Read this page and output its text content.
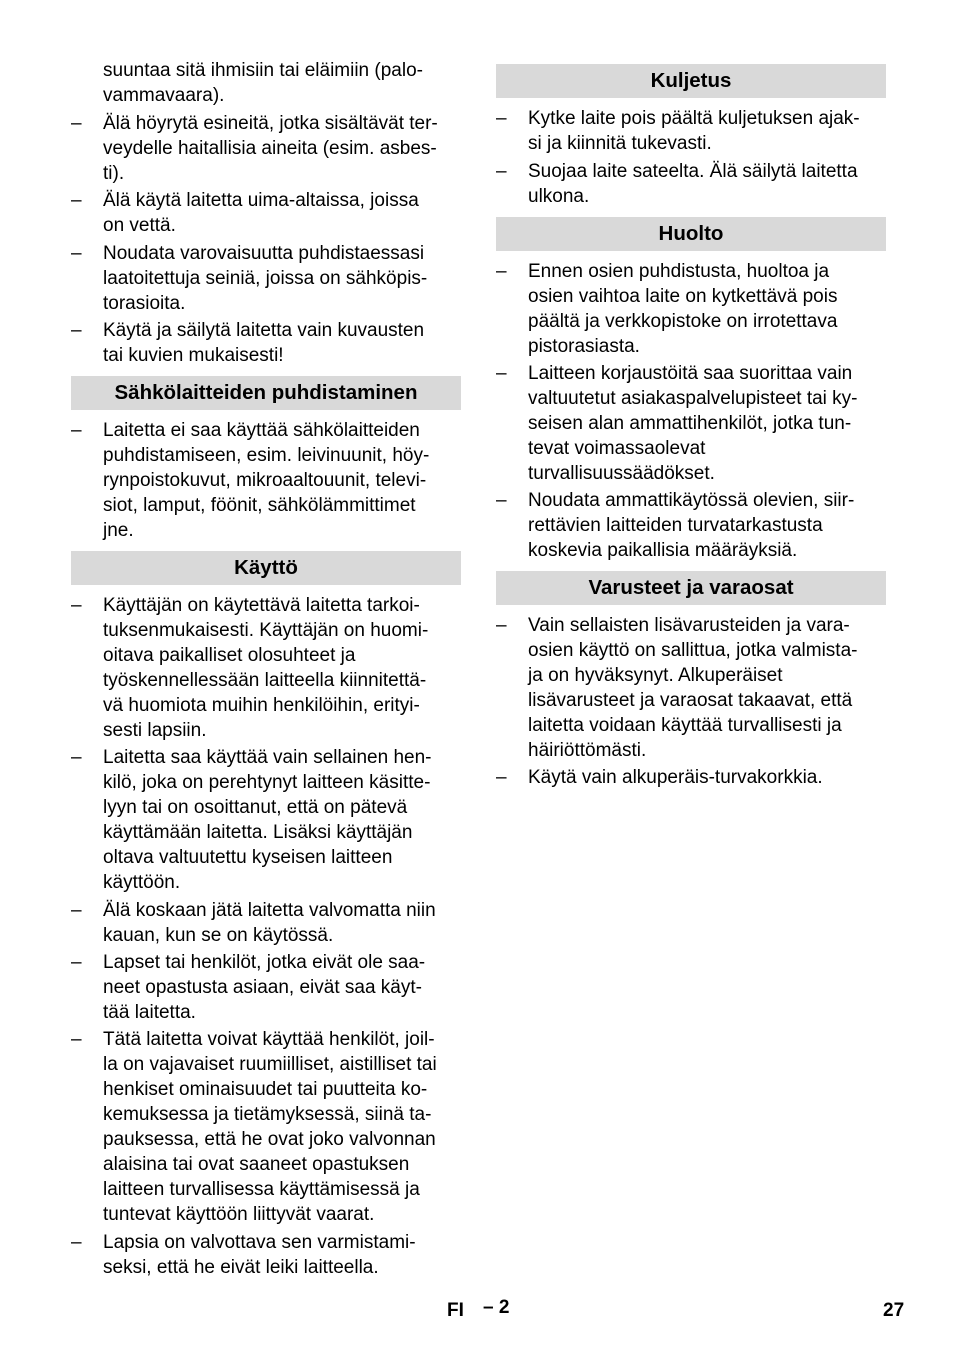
suuntaa sitä ihmisiin tai eläimiin (palo-
vammavaara).
– Älä höyrytä esineitä, jotka sisältävät ter-
veydelle haitallisia aineita (esim. asbes-
ti).
– Älä käytä laitetta uima-altaissa, joissa
on vettä.
– Noudata varovaisuutta puhdistaessasi
laatoitettuja seiniä, joissa on sähköpis-
torasioita.
– Käytä ja säilytä laitetta vain kuvausten
tai kuvien mukaisesti!
Sähkölaitteiden puhdistaminen
– Laitetta ei saa käyttää sähkölaitteiden
puhdistamiseen, esim. leivinuunit, höy-
rynpoistokuvut, mikroaaltouunit, televi-
siot, lamput, föönit, sähkölämmittimet
jne.
Käyttö
– Käyttäjän on käytettävä laitetta tarkoi-
tuksenmukaisesti. Käyttäjän on huomi-
oitava paikalliset olosuhteet ja
työskennellessään laitteella kiinnitettä-
vä huomiota muihin henkilöihin, erityi-
sesti lapsiin.
– Laitetta saa käyttää vain sellainen hen-
kilö, joka on perehtynyt laitteen käsitte-
lyyn tai on osoittanut, että on pätevä
käyttämään laitetta. Lisäksi käyttäjän
oltava valtuutettu kyseisen laitteen
käyttöön.
– Älä koskaan jätä laitetta valvomatta niin
kauan, kun se on käytössä.
– Lapset tai henkilöt, jotka eivät ole saa-
neet opastusta asiaan, eivät saa käyt-
tää laitetta.
– Tätä laitetta voivat käyttää henkilöt, joil-
la on vajavaiset ruumiilliset, aistilliset tai
henkiset ominaisuudet tai puutteita ko-
kemuksessa ja tietämyksessä, siinä ta-
pauksessa, että he ovat joko valvonnan
alaisina tai ovat saaneet opastuksen
laitteen turvallisessa käyttämisessä ja
tuntevat käyttöön liittyvät vaarat.
– Lapsia on valvottava sen varmistami-
seksi, että he eivät leiki laitteella.
Kuljetus
– Kytke laite pois päältä kuljetuksen ajak-
si ja kiinnitä tukevasti.
– Suojaa laite sateelta. Älä säilytä laitetta
ulkona.
Huolto
– Ennen osien puhdistusta, huoltoa ja
osien vaihtoa laite on kytkettävä pois
päältä ja verkkopistoke on irrotettava
pistorasiasta.
– Laitteen korjaustöitä saa suorittaa vain
valtuutetut asiakaspalvelupisteet tai ky-
seisen alan ammattihenkilöt, jotka tun-
tevat voimassaolevat
turvallisuussäädökset.
– Noudata ammattikäytössä olevien, siir-
rettävien laitteiden turvatarkastusta
koskevia paikallisia määräyksiä.
Varusteet ja varaosat
– Vain sellaisten lisävarusteiden ja vara-
osien käyttö on sallittua, jotka valmista-
ja on hyväksynyt. Alkuperäiset
lisävarusteet ja varaosat takaavat, että
laitetta voidaan käyttää turvallisesti ja
häiriöttömästi.
– Käytä vain alkuperäis-turvakorkkia.
FI – 2	27
